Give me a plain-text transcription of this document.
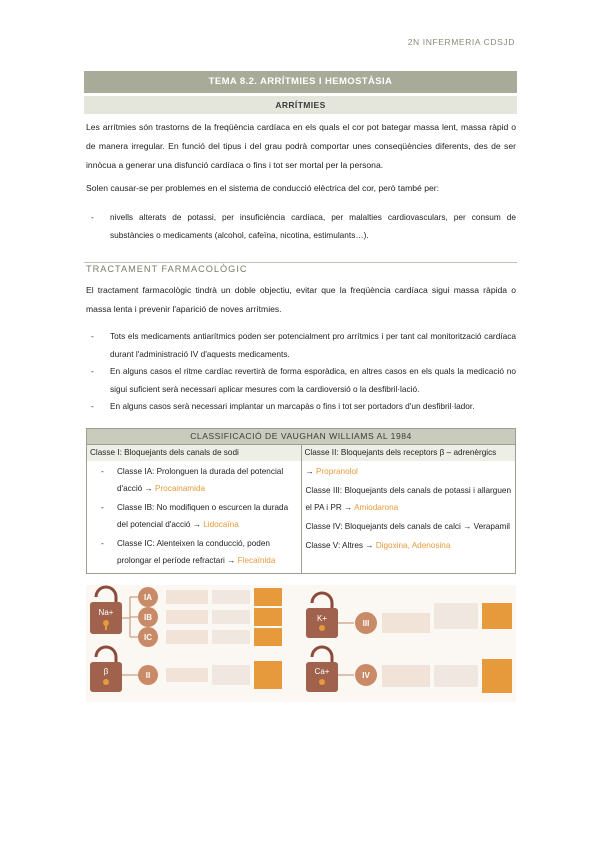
2N INFERMERIA CDSJD
TEMA 8.2. ARRÍTMIES I HEMOSTÀSIA
ARRÍTMIES
Les arrítmies són trastorns de la freqüència cardíaca en els quals el cor pot bategar massa lent, massa ràpid o de manera irregular. En funció del tipus i del grau podrà comportar unes conseqüències diferents, des de ser innòcua a generar una disfunció cardíaca o fins i tot ser mortal per la persona.
Solen causar-se per problemes en el sistema de conducció elèctrica del cor, però també per:
- nivells alterats de potassi, per insuficiència cardíaca, per malalties cardiovasculars, per consum de substàncies o medicaments (alcohol, cafeïna, nicotina, estimulants…).
TRACTAMENT FARMACOLÒGIC
El tractament farmacològic tindrà un doble objectiu, evitar que la freqüència cardíaca sigui massa ràpida o massa lenta i prevenir l'aparició de noves arrítmies.
- Tots els medicaments antiarítmics poden ser potencialment pro arrítmics i per tant cal monitorització cardíaca durant l'administració IV d'aquests medicaments.
- En alguns casos el ritme cardíac revertirà de forma esporàdica, en altres casos en els quals la medicació no sigui suficient serà necessari aplicar mesures com la cardioversió o la desfibril·lació.
- En alguns casos serà necessari implantar un marcapàs o fins i tot ser portadors d'un desfibril·lador.
CLASSIFICACIÓ DE VAUGHAN WILLIAMS AL 1984

Classe I: Bloquejants dels canals de sodi
- Classe IA: Prolonguen la durada del potencial d'acció → Procainamida
- Classe IB: No modifiquen o escurcen la durada del potencial d'acció → Lidocaïna
- Classe IC: Alenteixen la conducció, poden prolongar el període refractari → Flecaïnida

Classe II: Bloquejants dels receptors β – adrenèrgics
→ Propranolol
Classe III: Bloquejants dels canals de potassi i allarguen el PA i PR → Amiodarona
Classe IV: Bloquejants dels canals de calci → Verapamil
Classe V: Altres → Digoxina, Adenosina
Na+
IA
IB
IC
K+
III
β	II	Ca+	IV
